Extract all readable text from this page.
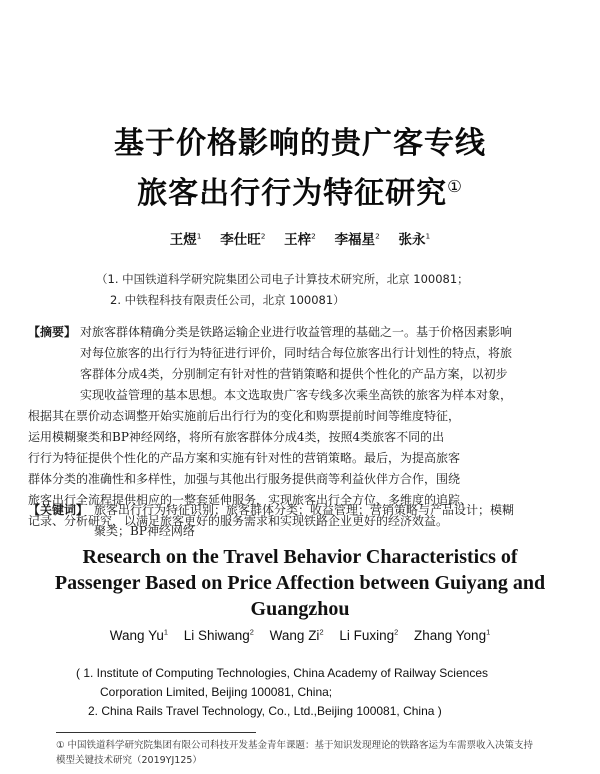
基于价格影响的贵广客专线
旅客出行行为特征研究①
王煜$^1$ 李仕旺$^2$ 王梓$^2$ 李福星$^2$ 张永$^1$
（1. 中国铁道科学研究院集团公司电子计算技术研究所，北京 100081；
2. 中铁程科技有限责任公司，北京 100081）
【摘要】 对旅客群体精确分类是铁路运输企业进行收益管理的基础之一。基于价格因素影响
对每位旅客的出行行为特征进行评价，同时结合每位旅客出行计划性的特点，将旅
客群体分成4类，分别制定有针对性的营销策略和提供个性化的产品方案，以初步
实现收益管理的基本思想。本文选取贵广客专线多次乘坐高铁的旅客为样本对象，
根据其在票价动态调整开始实施前后出行行为的变化和购票提前时间等维度特征，
运用模糊聚类和BP神经网络，将所有旅客群体分成4类，按照4类旅客不同的出
行行为特征提供个性化的产品方案和实施有针对性的营销策略。最后，为提高旅客
群体分类的准确性和多样性，加强与其他出行服务提供商等利益伙伴方合作，围绕
旅客出行全流程提供相应的一整套延伸服务，实现旅客出行全方位、多维度的追踪、
记录、分析研究，以满足旅客更好的服务需求和实现铁路企业更好的经济效益。
【关键词】 旅客出行行为特征识别；旅客群体分类；收益管理；营销策略与产品设计；模糊
聚类；BP神经网络
Research on the Travel Behavior Characteristics of
Passenger Based on Price Affection between Guiyang and
Guangzhou
Wang Yu$^1$ Li Shiwang$^2$ Wang Zi$^2$ Li Fuxing$^2$ Zhang Yong$^1$
( 1. Institute of Computing Technologies, China Academy of Railway Sciences
Corporation Limited, Beijing 100081, China;
2. China Rails Travel Technology, Co., Ltd.,Beijing 100081, China )
① 中国铁道科学研究院集团有限公司科技开发基金青年课题：基于知识发现理论的铁路客运为车需票收入决策支持
模型关键技术研究（2019YJ125）
